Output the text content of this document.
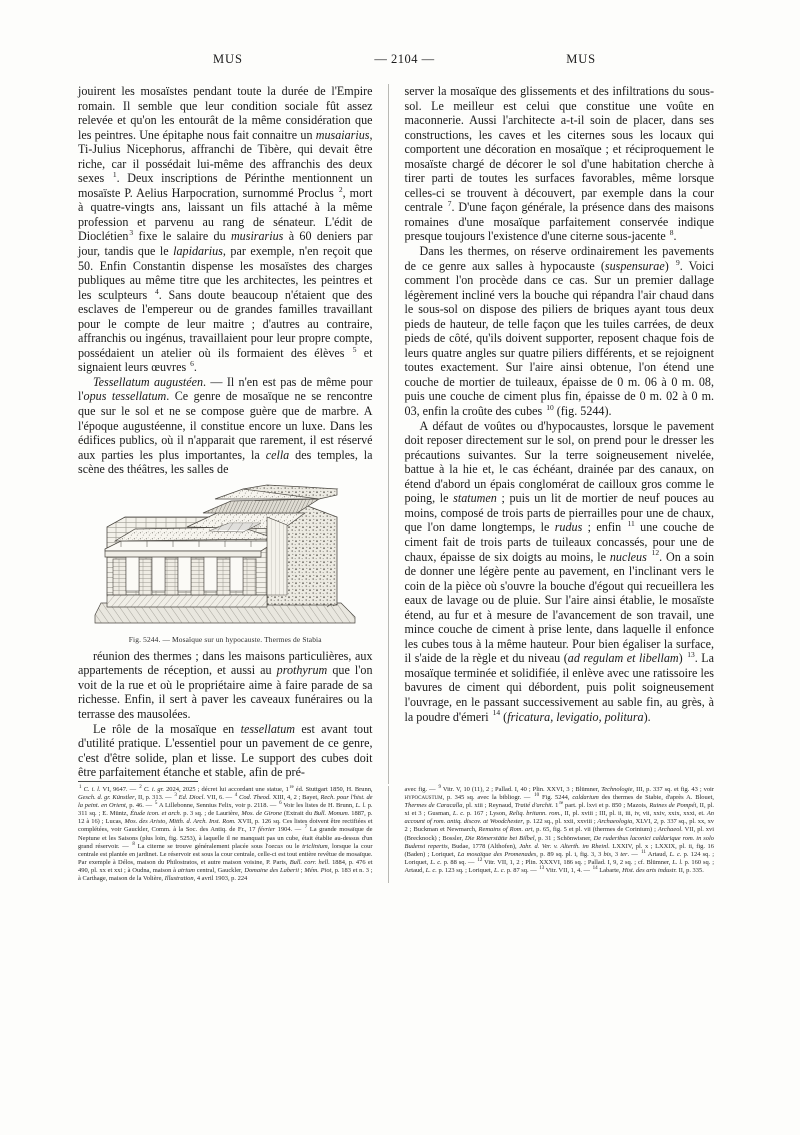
MUS	— 2104 —	MUS

jouirent les mosaïstes pendant toute la durée de l'Empire romain. Il semble que leur condition sociale fût assez relevée et qu'on les entourât de la même considération que les peintres. Une épitaphe nous fait connaitre un musaiarius, Ti-Julius Nicephorus, affranchi de Tibère, qui devait être riche, car il possédait lui-même des affranchis des deux sexes $^1$. Deux inscriptions de Périnthe mentionnent un mosaïste P. Aelius Harpocration, surnommé Proclus $^2$, mort à quatre-vingts ans, laissant un fils attaché à la même profession et parvenu au rang de sénateur. L'édit de Dioclétien$^3$ fixe le salaire du musirarius à 60 deniers par jour, tandis que le lapidarius, par exemple, n'en reçoit que 50. Enfin Constantin dispense les mosaïstes des charges publiques au même titre que les architectes, les peintres et les sculpteurs $^4$. Sans doute beaucoup n'étaient que des esclaves de l'empereur ou de grandes familles travaillant pour le compte de leur maitre ; d'autres au contraire, affranchis ou ingénus, travaillaient pour leur propre compte, possédaient un atelier où ils formaient des élèves $^5$ et signaient leurs œuvres $^6$.

Tessellatum augustéen. — Il n'en est pas de même pour l'opus tessellatum. Ce genre de mosaïque ne se rencontre que sur le sol et ne se compose guère que de marbre. A l'époque augustéenne, il constitue encore un luxe. Dans les édifices publics, où il n'apparait que rarement, il est réservé aux parties les plus importantes, la cella des temples, la scène des théâtres, les salles de

Fig. 5244. — Mosaïque sur un hypocauste. Thermes de Stabia

réunion des thermes ; dans les maisons particulières, aux appartements de réception, et aussi au prothyrum que l'on voit de la rue et où le propriétaire aime à faire parade de sa richesse. Enfin, il sert à paver les caveaux funéraires ou la terrasse des mausolées.

Le rôle de la mosaïque en tessellatum est avant tout d'utilité pratique. L'essentiel pour un pavement de ce genre, c'est d'être solide, plan et lisse. Le support des cubes doit être parfaitement étanche et stable, afin de pré-

server la mosaïque des glissements et des infiltrations du sous-sol. Le meilleur est celui que constitue une voûte en maconnerie. Aussi l'architecte a-t-il soin de placer, dans ses constructions, les caves et les citernes sous les locaux qui comportent une décoration en mosaïque ; et réciproquement le mosaïste chargé de décorer le sol d'une habitation cherche à tirer parti de toutes les surfaces favorables, même lorsque celles-ci se trouvent à découvert, par exemple dans la cour centrale $^7$. D'une façon générale, la présence dans des maisons romaines d'une mosaïque parfaitement conservée indique presque toujours l'existence d'une citerne sous-jacente $^8$.

Dans les thermes, on réserve ordinairement les pavements de ce genre aux salles à hypocauste (suspensurae) $^9$. Voici comment l'on procède dans ce cas. Sur un premier dallage légèrement incliné vers la bouche qui répandra l'air chaud dans le sous-sol on dispose des piliers de briques ayant tous deux pieds de hauteur, de telle façon que les tuiles carrées, de deux pieds de côté, qu'ils doivent supporter, reposent chaque fois de leurs quatre angles sur quatre piliers différents, et se rejoignent toutes exactement. Sur l'aire ainsi obtenue, l'on étend une couche de mortier de tuileaux, épaisse de 0 m. 06 à 0 m. 08, puis une couche de ciment plus fin, épaisse de 0 m. 02 à 0 m. 03, enfin la croûte des cubes $^{10}$ (fig. 5244).

A défaut de voûtes ou d'hypocaustes, lorsque le pavement doit reposer directement sur le sol, on prend pour le dresser les précautions suivantes. Sur la terre soigneusement nivelée, battue à la hie et, le cas échéant, drainée par des canaux, on étend d'abord un épais conglomérat de cailloux gros comme le poing, le statumen ; puis un lit de mortier de neuf pouces au moins, composé de trois parts de pierrailles pour une de chaux, que l'on dame longtemps, le rudus ; enfin $^{11}$ une couche de ciment fait de trois parts de tuileaux concassés, pour une de chaux, épaisse de six doigts au moins, le nucleus $^{12}$. On a soin de donner une légère pente au pavement, en l'inclinant vers le coin de la pièce où s'ouvre la bouche d'égout qui recueillera les eaux de lavage ou de pluie. Sur l'aire ainsi établie, le mosaïste étend, au fur et à mesure de l'avancement de son travail, une mince couche de ciment à prise lente, dans laquelle il enfonce les cubes tous à la même hauteur. Pour bien égaliser la surface, il s'aide de la règle et du niveau (ad regulam et libellam) $^{13}$. La mosaïque terminée et solidifiée, il enlève avec une ratissoire les bavures de ciment qui débordent, puis polit soigneusement l'ouvrage, en le passant successivement au sable fin, au grès, à la poudre d'émeri $^{14}$ (fricatura, levigatio, politura).

$^1$ C. i. l. VI, 9647. — $^2$ C. i. gr. 2024, 2025 ; décret lui accordant une statue, 1re éd. Stuttgart 1850, H. Brunn, Gesch. d. gr. Künstler, II, p. 313. — $^3$ Ed. Diocl. VII, 6. — $^4$ Cod. Theod. XIII, 4, 2 ; Bayet, Rech. pour l'hist. de la peint. en Orient, p. 46. — $^5$ A Lillebonne, Sennius Felix, voir p. 2118. — $^6$ Voir les listes de H. Brunn, L. l. p. 311 sq. ; E. Müntz, Étude icon. et arch. p. 3 sq. ; de Laurière, Mos. de Girone (Extrait du Bull. Monum. 1887, p. 12 à 16) ; Lucas, Mos. des Aristo, Mitth. d. Arch. Inst. Rom. XVII, p. 126 sq. Ces listes doivent être rectifiées et complétées, voir Gauckler, Comm. à la Soc. des Antiq. de Fr., 17 février 1904. — $^7$ La grande mosaïque de Neptune et les Saisons (plus loin, fig. 5253), à laquelle il ne manquait pas un cube, était établie au-dessus d'un grand réservoir. — $^8$ La citerne se trouve généralement placée sous l'oecus ou le triclinium, lorsque la cour centrale est plantée en jardinet. Le réservoir est sous la cour centrale, celle-ci est tout entière revêtue de mosaïque. Par exemple à Délos, maison du Philostratos, et autre maison voisine, P. Paris, Bull. corr. hell. 1884, p. 476 et 490, pl. xx et xxi ; à Oudna, maison à atrium central, Gauckler, Domaine des Laberii ; Mém. Piot, p. 183 et n. 3 ; à Carthage, maison de la Volière, Illustration, 4 avril 1903, p. 224

avec fig. — $^9$ Vitr. V, 10 (11), 2 ; Pallad. I, 40 ; Plin. XXVI, 3 ; Blümner, Technologie, III, p. 337 sq. et fig. 43 ; voir hypocaustum, p. 345 sq. avec la bibliogr. — $^{10}$ Fig. 5244, caldarium des thermes de Stabie, d'après A. Blouet, Thermes de Caracalla, pl. xiii ; Reynaud, Traité d'archit. 1re part. pl. lxvi et p. 850 ; Mazois, Ruines de Pompéi, II, pl. xi et 3 ; Gusman, L. c. p. 167 ; Lyson, Reliq. britann. rom., II, pl. xviii ; III, pl. ii, iii, iv, vii, xxiv, xxix, xxxi, et. An account of rom. antiq. discov. at Woodchester, p. 122 sq., pl. xxii, xxviii ; Archaeologia, XLVI, 2, p. 337 sq., pl. xx, xv 2 ; Buckman et Newmarch, Remains of Rom. art, p. 65, fig. 5 et pl. vii (thermes de Corinium) ; Archaeol. VII, pl. xvi (Brecknock) ; Bossler, Die Römerstätte bei Bilbel, p. 31 ; Schönwisner, De ruderibus laconici caldarique rom. in solo Budensi repertis, Budae, 1778 (Althofen), Jahr. d. Ver. v. Alterth. im Rheinl. LXXIV, pl. x ; LXXIX, pl. ii, fig. 16 (Baden) ; Loriquet, La mosaïque des Promenades, p. 89 sq. pl. i, fig. 3, 3 bis, 3 ter. — $^{11}$ Artaud, L. c. p. 124 sq. ; Loriquet, L. c. p. 88 sq. — $^{12}$ Vitr. VII, 1, 2 ; Plin. XXXVI, 186 sq. ; Pallad. I, 9, 2 sq. ; cf. Blümner, L. l. p. 160 sq. ; Artaud, L. c. p. 123 sq. ; Loriquet, L. c. p. 87 sq. — $^{13}$ Vitr. VII, 1, 4. — $^{14}$ Labarte, Hist. des arts industr. II, p. 335.
